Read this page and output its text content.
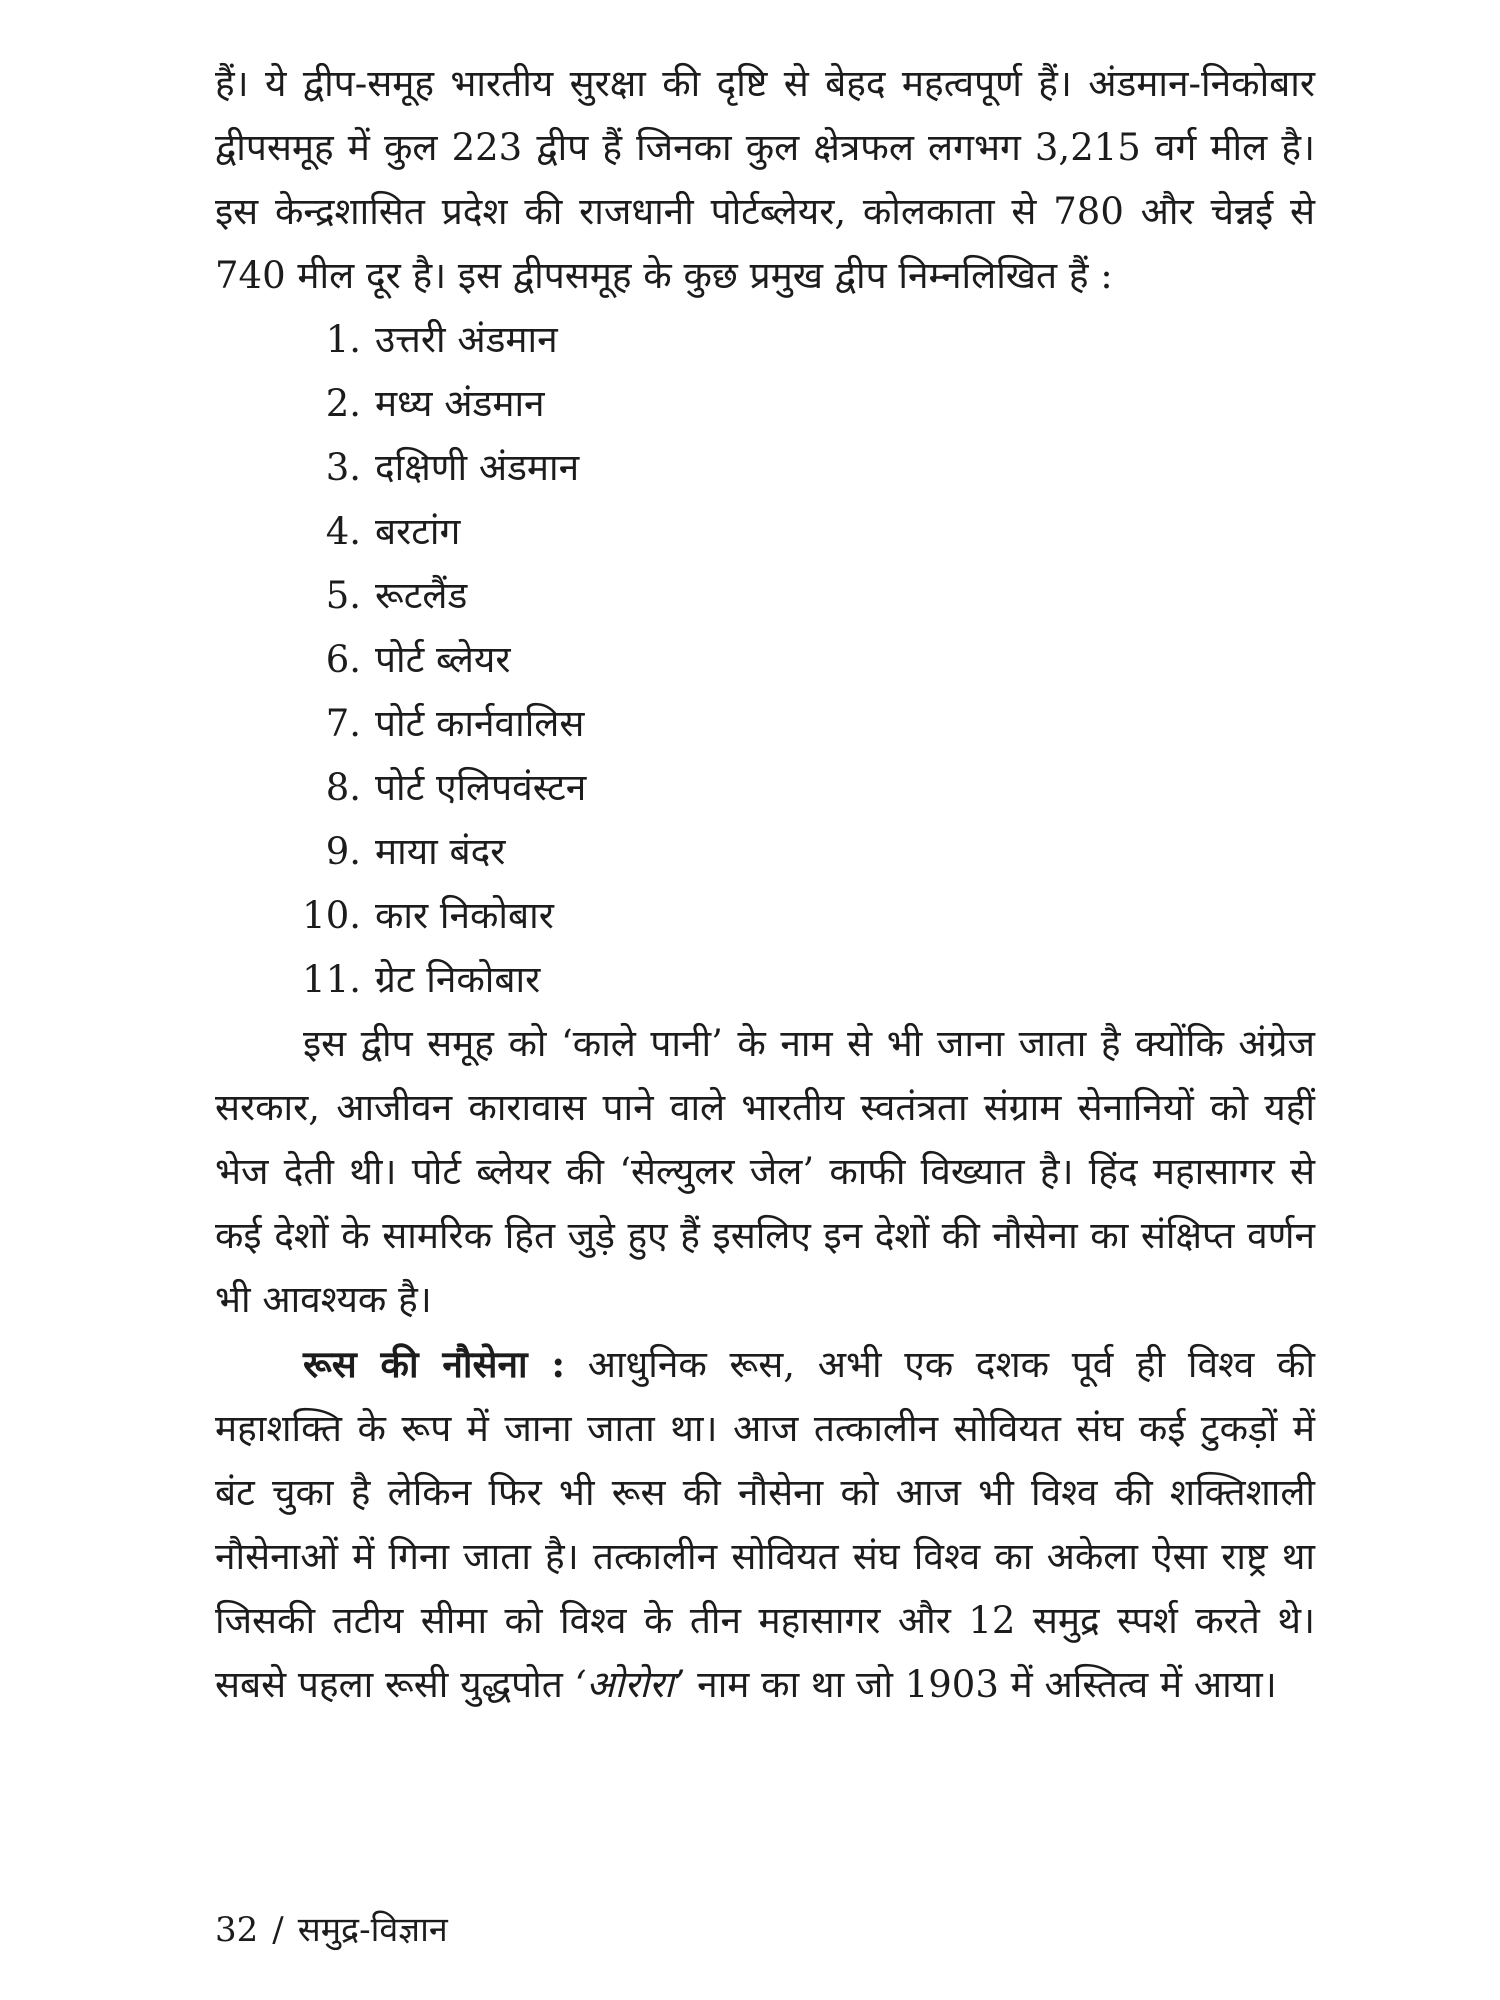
हैं। ये द्वीप-समूह भारतीय सुरक्षा की दृष्टि से बेहद महत्वपूर्ण हैं। अंडमान-निकोबार द्वीपसमूह में कुल 223 द्वीप हैं जिनका कुल क्षेत्रफल लगभग 3,215 वर्ग मील है। इस केन्द्रशासित प्रदेश की राजधानी पोर्टब्लेयर, कोलकाता से 780 और चेन्नई से 740 मील दूर है। इस द्वीपसमूह के कुछ प्रमुख द्वीप निम्नलिखित हैं :

1. उत्तरी अंडमान
2. मध्य अंडमान
3. दक्षिणी अंडमान
4. बरटांग
5. रूटलैंड
6. पोर्ट ब्लेयर
7. पोर्ट कार्नवालिस
8. पोर्ट एलिपवंस्टन
9. माया बंदर
10. कार निकोबार
11. ग्रेट निकोबार

इस द्वीप समूह को ‘काले पानी’ के नाम से भी जाना जाता है क्योंकि अंग्रेज सरकार, आजीवन कारावास पाने वाले भारतीय स्वतंत्रता संग्राम सेनानियों को यहीं भेज देती थी। पोर्ट ब्लेयर की ‘सेल्युलर जेल’ काफी विख्यात है। हिंद महासागर से कई देशों के सामरिक हित जुड़े हुए हैं इसलिए इन देशों की नौसेना का संक्षिप्त वर्णन भी आवश्यक है।

रूस की नौसेना : आधुनिक रूस, अभी एक दशक पूर्व ही विश्व की महाशक्ति के रूप में जाना जाता था। आज तत्कालीन सोवियत संघ कई टुकड़ों में बंट चुका है लेकिन फिर भी रूस की नौसेना को आज भी विश्व की शक्तिशाली नौसेनाओं में गिना जाता है। तत्कालीन सोवियत संघ विश्व का अकेला ऐसा राष्ट्र था जिसकी तटीय सीमा को विश्व के तीन महासागर और 12 समुद्र स्पर्श करते थे। सबसे पहला रूसी युद्धपोत ‘ओरोरा’ नाम का था जो 1903 में अस्तित्व में आया।

32 / समुद्र-विज्ञान
